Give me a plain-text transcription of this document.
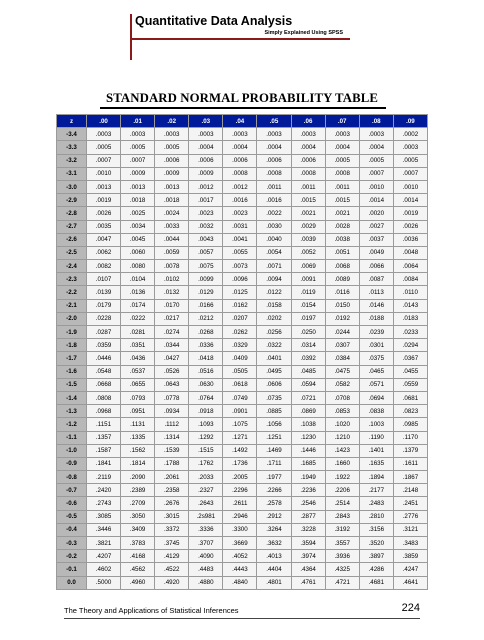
Quantitative Data Analysis
Simply Explained Using SPSS
STANDARD NORMAL PROBABILITY TABLE
z	.00	.01	.02	.03	.04	.05	.06	.07	.08	.09
-3.4	.0003	.0003	.0003	.0003	.0003	.0003	.0003	.0003	.0003	.0002
-3.3	.0005	.0005	.0005	.0004	.0004	.0004	.0004	.0004	.0004	.0003
-3.2	.0007	.0007	.0006	.0006	.0006	.0006	.0006	.0005	.0005	.0005
-3.1	.0010	.0009	.0009	.0009	.0008	.0008	.0008	.0008	.0007	.0007
-3.0	.0013	.0013	.0013	.0012	.0012	.0011	.0011	.0011	.0010	.0010
-2.9	.0019	.0018	.0018	.0017	.0016	.0016	.0015	.0015	.0014	.0014
-2.8	.0026	.0025	.0024	.0023	.0023	.0022	.0021	.0021	.0020	.0019
-2.7	.0035	.0034	.0033	.0032	.0031	.0030	.0029	.0028	.0027	.0026
-2.6	.0047	.0045	.0044	.0043	.0041	.0040	.0039	.0038	.0037	.0036
-2.5	.0062	.0060	.0059	.0057	.0055	.0054	.0052	.0051	.0049	.0048
-2.4	.0082	.0080	.0078	.0075	.0073	.0071	.0069	.0068	.0066	.0064
-2.3	.0107	.0104	.0102	.0099	.0096	.0094	.0091	.0089	.0087	.0084
-2.2	.0139	.0136	.0132	.0129	.0125	.0122	.0119	.0116	.0113	.0110
-2.1	.0179	.0174	.0170	.0166	.0162	.0158	.0154	.0150	.0146	.0143
-2.0	.0228	.0222	.0217	.0212	.0207	.0202	.0197	.0192	.0188	.0183
-1.9	.0287	.0281	.0274	.0268	.0262	.0256	.0250	.0244	.0239	.0233
-1.8	.0359	.0351	.0344	.0336	.0329	.0322	.0314	.0307	.0301	.0294
-1.7	.0446	.0436	.0427	.0418	.0409	.0401	.0392	.0384	.0375	.0367
-1.6	.0548	.0537	.0526	.0516	.0505	.0495	.0485	.0475	.0465	.0455
-1.5	.0668	.0655	.0643	.0630	.0618	.0606	.0594	.0582	.0571	.0559
-1.4	.0808	.0793	.0778	.0764	.0749	.0735	.0721	.0708	.0694	.0681
-1.3	.0968	.0951	.0934	.0918	.0901	.0885	.0869	.0853	.0838	.0823
-1.2	.1151	.1131	.1112	.1093	.1075	.1056	.1038	.1020	.1003	.0985
-1.1	.1357	.1335	.1314	.1292	.1271	.1251	.1230	.1210	.1190	.1170
-1.0	.1587	.1562	.1539	.1515	.1492	.1469	.1446	.1423	.1401	.1379
-0.9	.1841	.1814	.1788	.1762	.1736	.1711	.1685	.1660	.1635	.1611
-0.8	.2119	.2090	.2061	.2033	.2005	.1977	.1949	.1922	.1894	.1867
-0.7	.2420	.2389	.2358	.2327	.2296	.2266	.2236	.2206	.2177	.2148
-0.6	.2743	.2709	.2676	.2643	.2611	.2578	.2546	.2514	.2483	.2451
-0.5	.3085	.3050	.3015	.2s981	.2946	.2912	.2877	.2843	.2810	.2776
-0.4	.3446	.3409	.3372	.3336	.3300	.3264	.3228	.3192	.3156	.3121
-0.3	.3821	.3783	.3745	.3707	.3669	.3632	.3594	.3557	.3520	.3483
-0.2	.4207	.4168	.4129	.4090	.4052	.4013	.3974	.3936	.3897	.3859
-0.1	.4602	.4562	.4522	.4483	.4443	.4404	.4364	.4325	.4286	.4247
0.0	.5000	.4960	.4920	.4880	.4840	.4801	.4761	.4721	.4681	.4641
The Theory and Applications of Statistical Inferences	224
